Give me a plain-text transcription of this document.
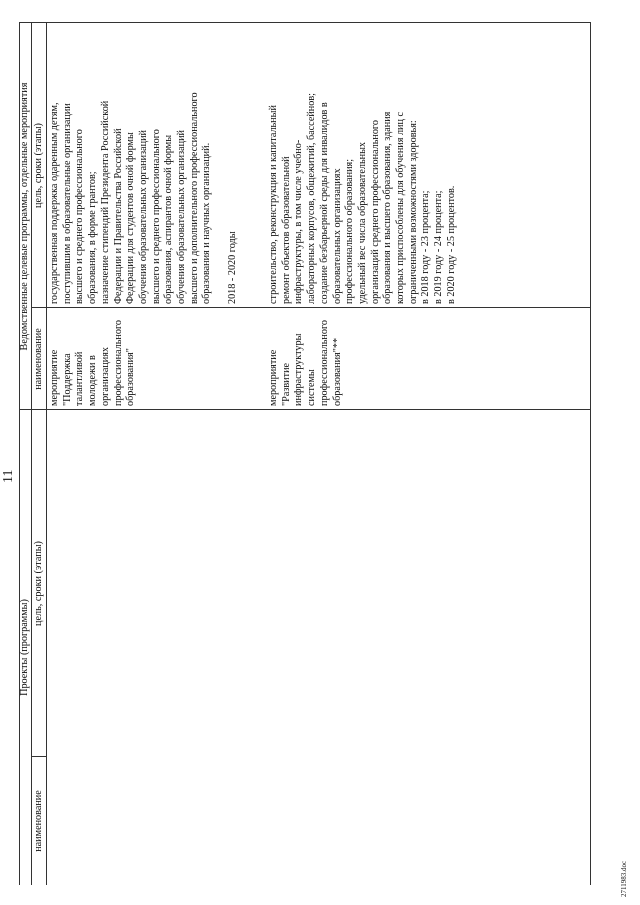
11
2711983.doc
Проекты (программы)
Ведомственные целевые программы, отдельные мероприятия
наименование
цель, сроки (этапы)
наименование
цель, сроки (этапы)

мероприятие "Поддержка
талантливой молодежи в
организациях
профессионального
образования"

государственная поддержка одаренным детям,
поступившим в образовательные организации
высшего и среднего профессионального
образования, в форме грантов;
назначение стипендий Президента Российской
Федерации и Правительства Российской
Федерации для студентов очной формы
обучения образовательных организаций
высшего и среднего профессионального
образования, аспирантов очной формы
обучения образовательных организаций
высшего и дополнительного профессионального
образования и научных организаций.

2018 - 2020 годы

мероприятие "Развитие
инфраструктуры системы
профессионального
образования"**

строительство, реконструкция и капитальный
ремонт объектов образовательной
инфраструктуры, в том числе учебно-
лабораторных корпусов, общежитий, бассейнов;
создание безбарьерной среды для инвалидов в
образовательных организациях
профессионального образования;
удельный вес числа образовательных
организаций среднего профессионального
образования и высшего образования, здания
которых приспособлены для обучения лиц с
ограниченными возможностями здоровья:
в 2018 году - 23 процента;
в 2019 году - 24 процента;
в 2020 году - 25 процентов.
